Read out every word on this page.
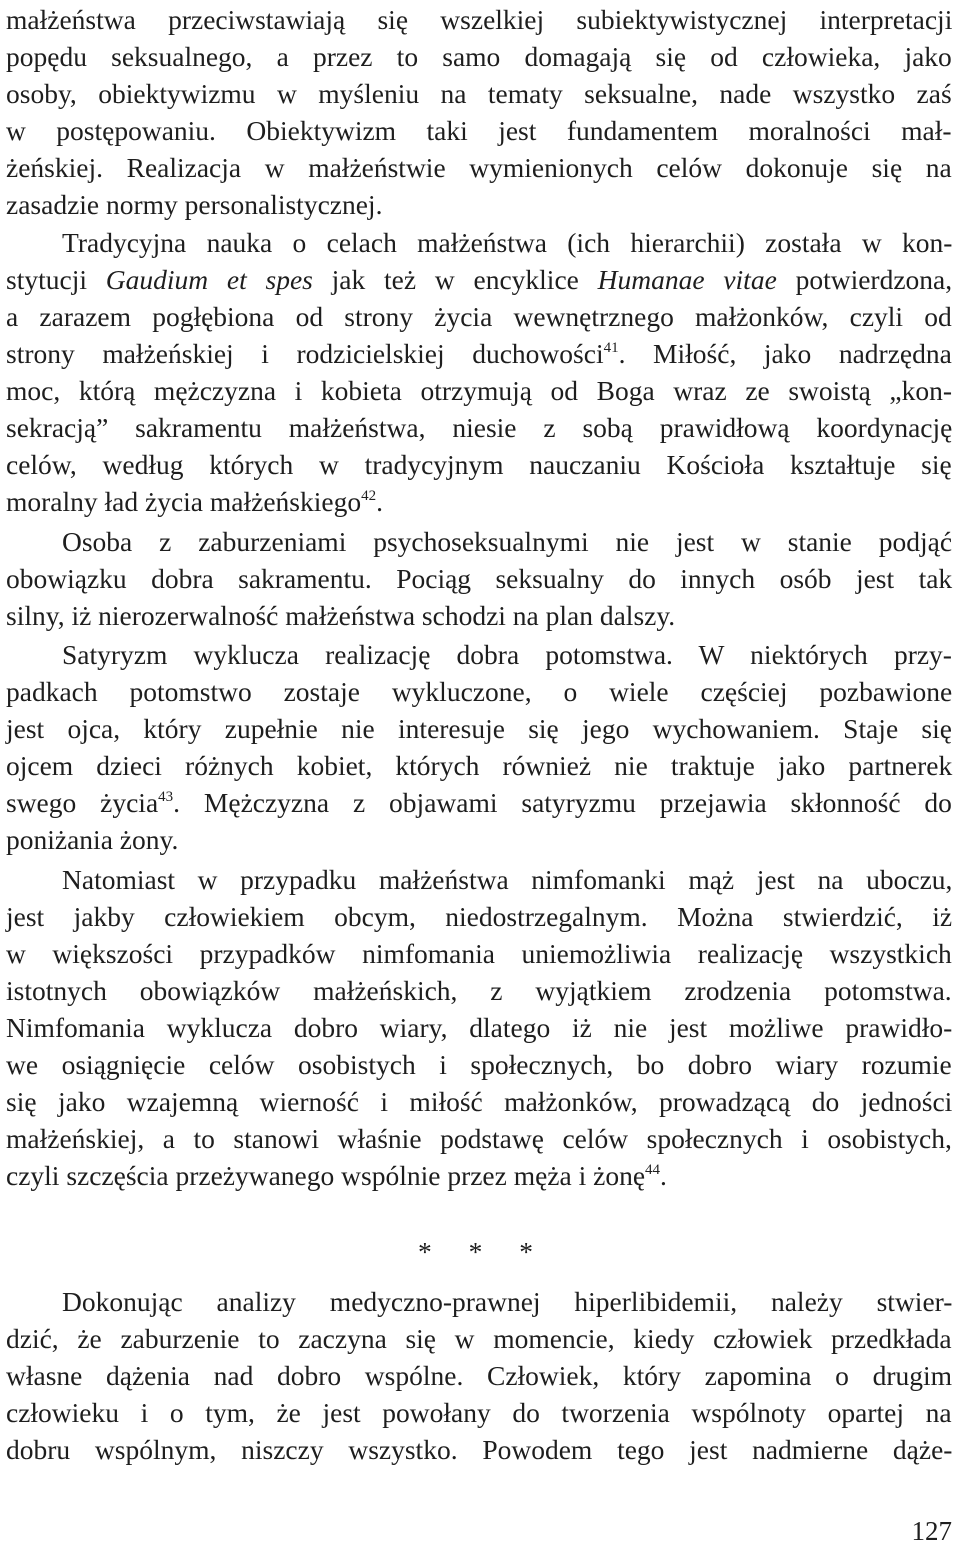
małżeństwa przeciwstawiają się wszelkiej subiektywistycznej interpretacji
popędu seksualnego, a przez to samo domagają się od człowieka, jako
osoby, obiektywizmu w myśleniu na tematy seksualne, nade wszystko zaś
w postępowaniu. Obiektywizm taki jest fundamentem moralności mał-
żeńskiej. Realizacja w małżeństwie wymienionych celów dokonuje się na
zasadzie normy personalistycznej.
Tradycyjna nauka o celach małżeństwa (ich hierarchii) została w kon-
stytucji Gaudium et spes jak też w encyklice Humanae vitae potwierdzona,
a zarazem pogłębiona od strony życia wewnętrznego małżonków, czyli od
strony małżeńskiej i rodzicielskiej duchowości$^{41}$. Miłość, jako nadrzędna
moc, którą mężczyzna i kobieta otrzymują od Boga wraz ze swoistą „kon-
sekracją” sakramentu małżeństwa, niesie z sobą prawidłową koordynację
celów, według których w tradycyjnym nauczaniu Kościoła kształtuje się
moralny ład życia małżeńskiego$^{42}$.
Osoba z zaburzeniami psychoseksualnymi nie jest w stanie podjąć
obowiązku dobra sakramentu. Pociąg seksualny do innych osób jest tak
silny, iż nierozerwalność małżeństwa schodzi na plan dalszy.
Satyryzm wyklucza realizację dobra potomstwa. W niektórych przy-
padkach potomstwo zostaje wykluczone, o wiele częściej pozbawione
jest ojca, który zupełnie nie interesuje się jego wychowaniem. Staje się
ojcem dzieci różnych kobiet, których również nie traktuje jako partnerek
swego życia$^{43}$. Mężczyzna z objawami satyryzmu przejawia skłonność do
poniżania żony.
Natomiast w przypadku małżeństwa nimfomanki mąż jest na uboczu,
jest jakby człowiekiem obcym, niedostrzegalnym. Można stwierdzić, iż
w większości przypadków nimfomania uniemożliwia realizację wszystkich
istotnych obowiązków małżeńskich, z wyjątkiem zrodzenia potomstwa.
Nimfomania wyklucza dobro wiary, dlatego iż nie jest możliwe prawidło-
we osiągnięcie celów osobistych i społecznych, bo dobro wiary rozumie
się jako wzajemną wierność i miłość małżonków, prowadzącą do jedności
małżeńskiej, a to stanowi właśnie podstawę celów społecznych i osobistych,
czyli szczęścia przeżywanego wspólnie przez męża i żonę$^{44}$.
* * *
Dokonując analizy medyczno-prawnej hiperlibidemii, należy stwier-
dzić, że zaburzenie to zaczyna się w momencie, kiedy człowiek przedkłada
własne dążenia nad dobro wspólne. Człowiek, który zapomina o drugim
człowieku i o tym, że jest powołany do tworzenia wspólnoty opartej na
dobru wspólnym, niszczy wszystko. Powodem tego jest nadmierne dąże-
127
